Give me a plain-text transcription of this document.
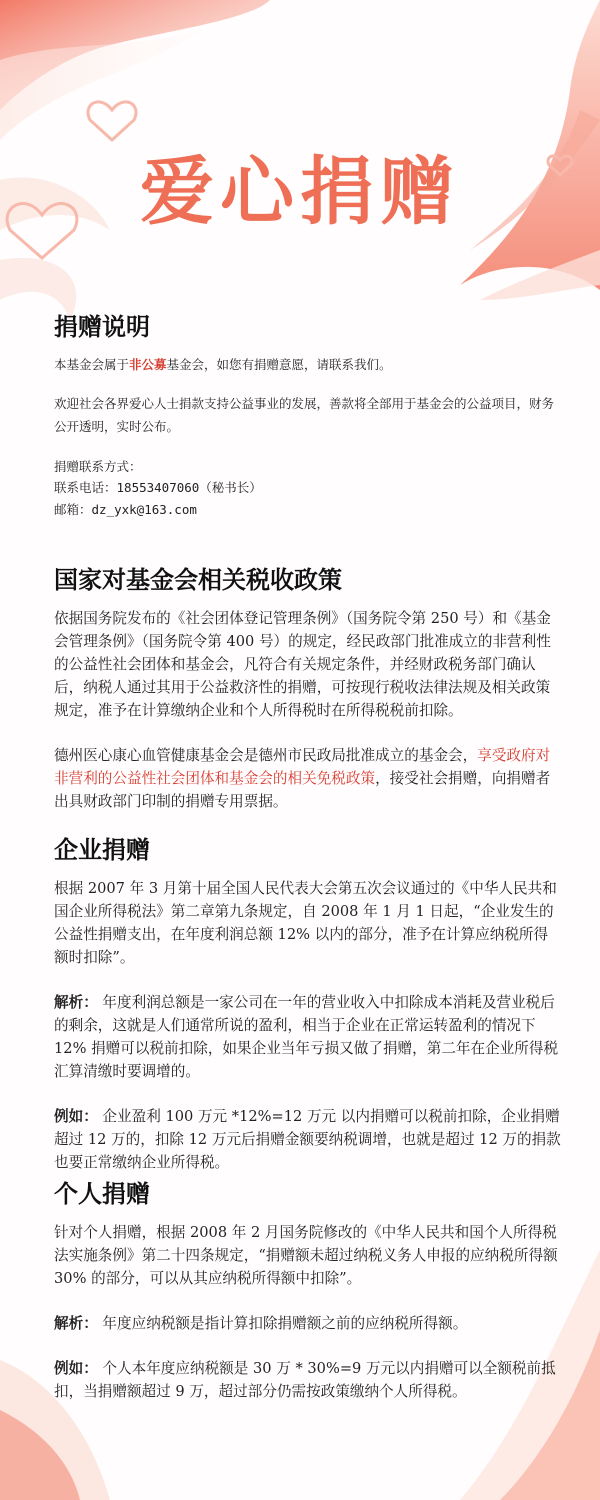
爱心捐赠
捐赠说明

本基金会属于非公募基金会，如您有捐赠意愿，请联系我们。

欢迎社会各界爱心人士捐款支持公益事业的发展，善款将全部用于基金会的公益项目，财务公开透明，实时公布。

捐赠联系方式：

联系电话：18553407060（秘书长）

邮箱：dz_yxk@163.com

国家对基金会相关税收政策

依据国务院发布的《社会团体登记管理条例》（国务院令第 250 号）和《基金会管理条例》（国务院令第 400 号）的规定，经民政部门批准成立的非营利性的公益性社会团体和基金会，凡符合有关规定条件，并经财政税务部门确认后，纳税人通过其用于公益救济性的捐赠，可按现行税收法律法规及相关政策规定，准予在计算缴纳企业和个人所得税时在所得税税前扣除。

德州医心康心血管健康基金会是德州市民政局批准成立的基金会，享受政府对非营利的公益性社会团体和基金会的相关免税政策，接受社会捐赠，向捐赠者出具财政部门印制的捐赠专用票据。

企业捐赠

根据 2007 年 3 月第十届全国人民代表大会第五次会议通过的《中华人民共和国企业所得税法》第二章第九条规定，自 2008 年 1 月 1 日起，“企业发生的公益性捐赠支出，在年度利润总额 12% 以内的部分，准予在计算应纳税所得额时扣除”。

解析： 年度利润总额是一家公司在一年的营业收入中扣除成本消耗及营业税后的剩余，这就是人们通常所说的盈利，相当于企业在正常运转盈利的情况下 12% 捐赠可以税前扣除，如果企业当年亏损又做了捐赠，第二年在企业所得税汇算清缴时要调增的。

例如： 企业盈利 100 万元 *12%=12 万元 以内捐赠可以税前扣除，企业捐赠超过 12 万的，扣除 12 万元后捐赠金额要纳税调增，也就是超过 12 万的捐款也要正常缴纳企业所得税。

个人捐赠

针对个人捐赠，根据 2008 年 2 月国务院修改的《中华人民共和国个人所得税法实施条例》第二十四条规定，“捐赠额未超过纳税义务人申报的应纳税所得额 30% 的部分，可以从其应纳税所得额中扣除”。

解析： 年度应纳税额是指计算扣除捐赠额之前的应纳税所得额。

例如： 个人本年度应纳税额是 30 万 * 30%=9 万元以内捐赠可以全额税前抵扣，当捐赠额超过 9 万，超过部分仍需按政策缴纳个人所得税。
